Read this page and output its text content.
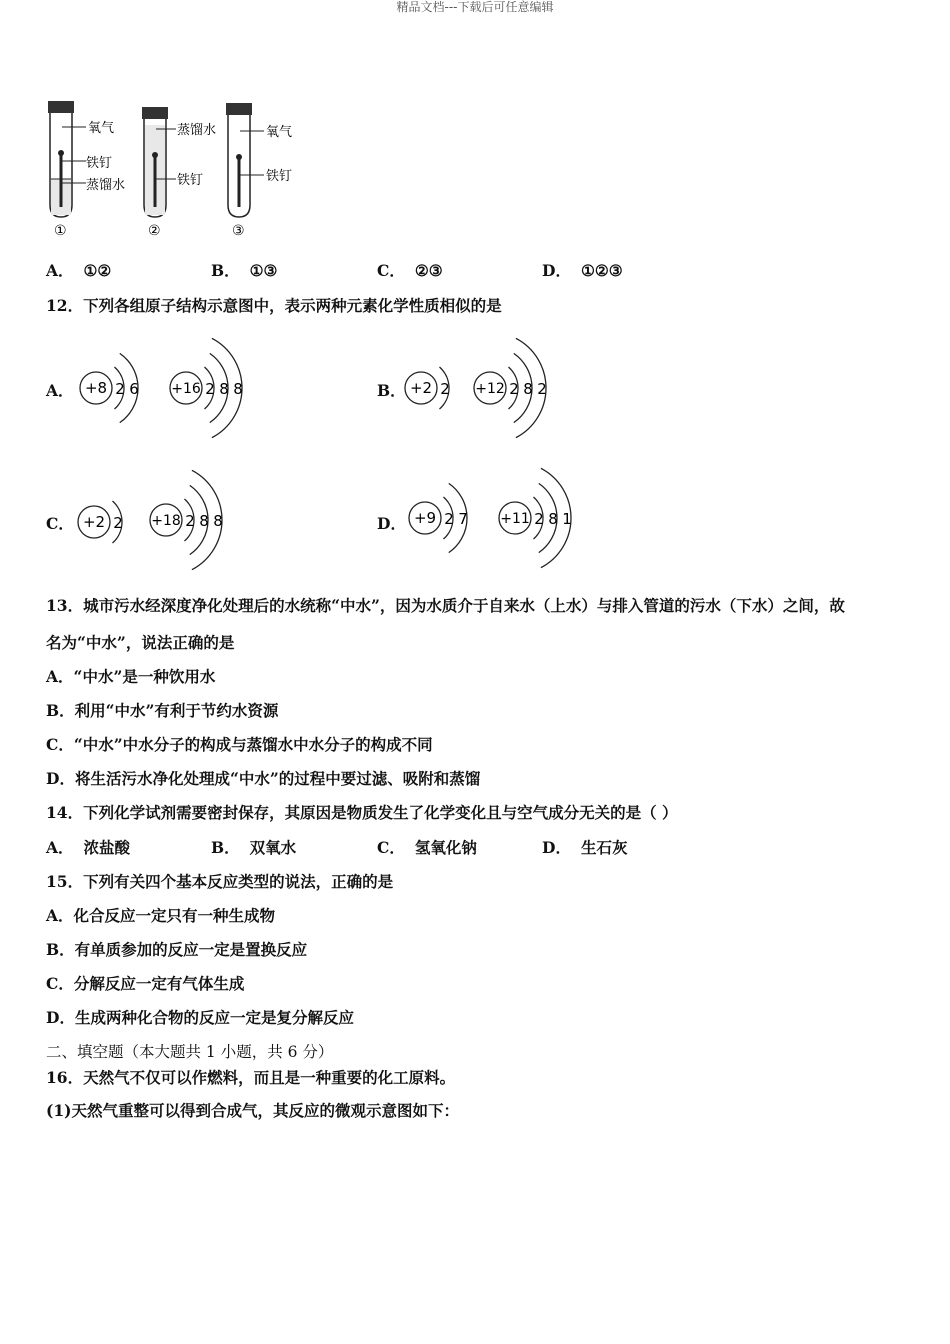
精品文档---下载后可任意编辑
氧气
铁钉
蒸馏水
①
蒸馏水
铁钉
②
氧气
铁钉
③
A． ①②	B． ①③	C． ②③	D． ①②③
12．下列各组原子结构示意图中，表示两种元素化学性质相似的是
A．	B．
C．	D．
+8 2 6 +16 2 8 8	+2 2 +12 2 8 2
+2 2 +18 2 8 8	+9 2 7 +11 2 8 1
13．城市污水经深度净化处理后的水统称“中水”，因为水质介于自来水（上水）与排入管道的污水（下水）之间，故
名为“中水”，说法正确的是
A．“中水”是一种饮用水
B．利用“中水”有利于节约水资源
C．“中水”中水分子的构成与蒸馏水中水分子的构成不同
D．将生活污水净化处理成“中水”的过程中要过滤、吸附和蒸馏
14．下列化学试剂需要密封保存，其原因是物质发生了化学变化且与空气成分无关的是（ ）
A． 浓盐酸	B． 双氧水	C． 氢氧化钠	D． 生石灰
15．下列有关四个基本反应类型的说法，正确的是
A．化合反应一定只有一种生成物
B．有单质参加的反应一定是置换反应
C．分解反应一定有气体生成
D．生成两种化合物的反应一定是复分解反应
二、填空题（本大题共 1 小题，共 6 分）
16．天然气不仅可以作燃料，而且是一种重要的化工原料。
(1)天然气重整可以得到合成气，其反应的微观示意图如下：
